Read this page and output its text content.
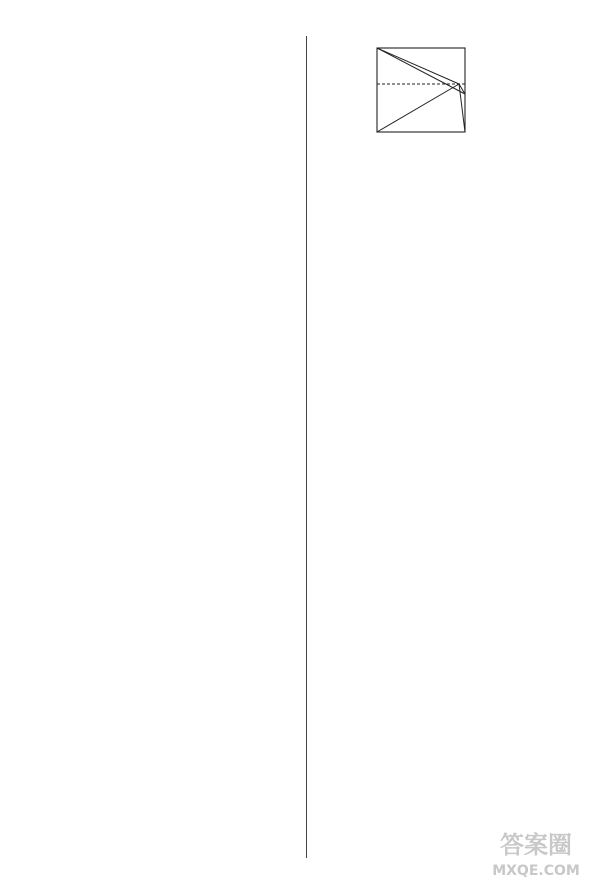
答案圈
MXQE.COM
